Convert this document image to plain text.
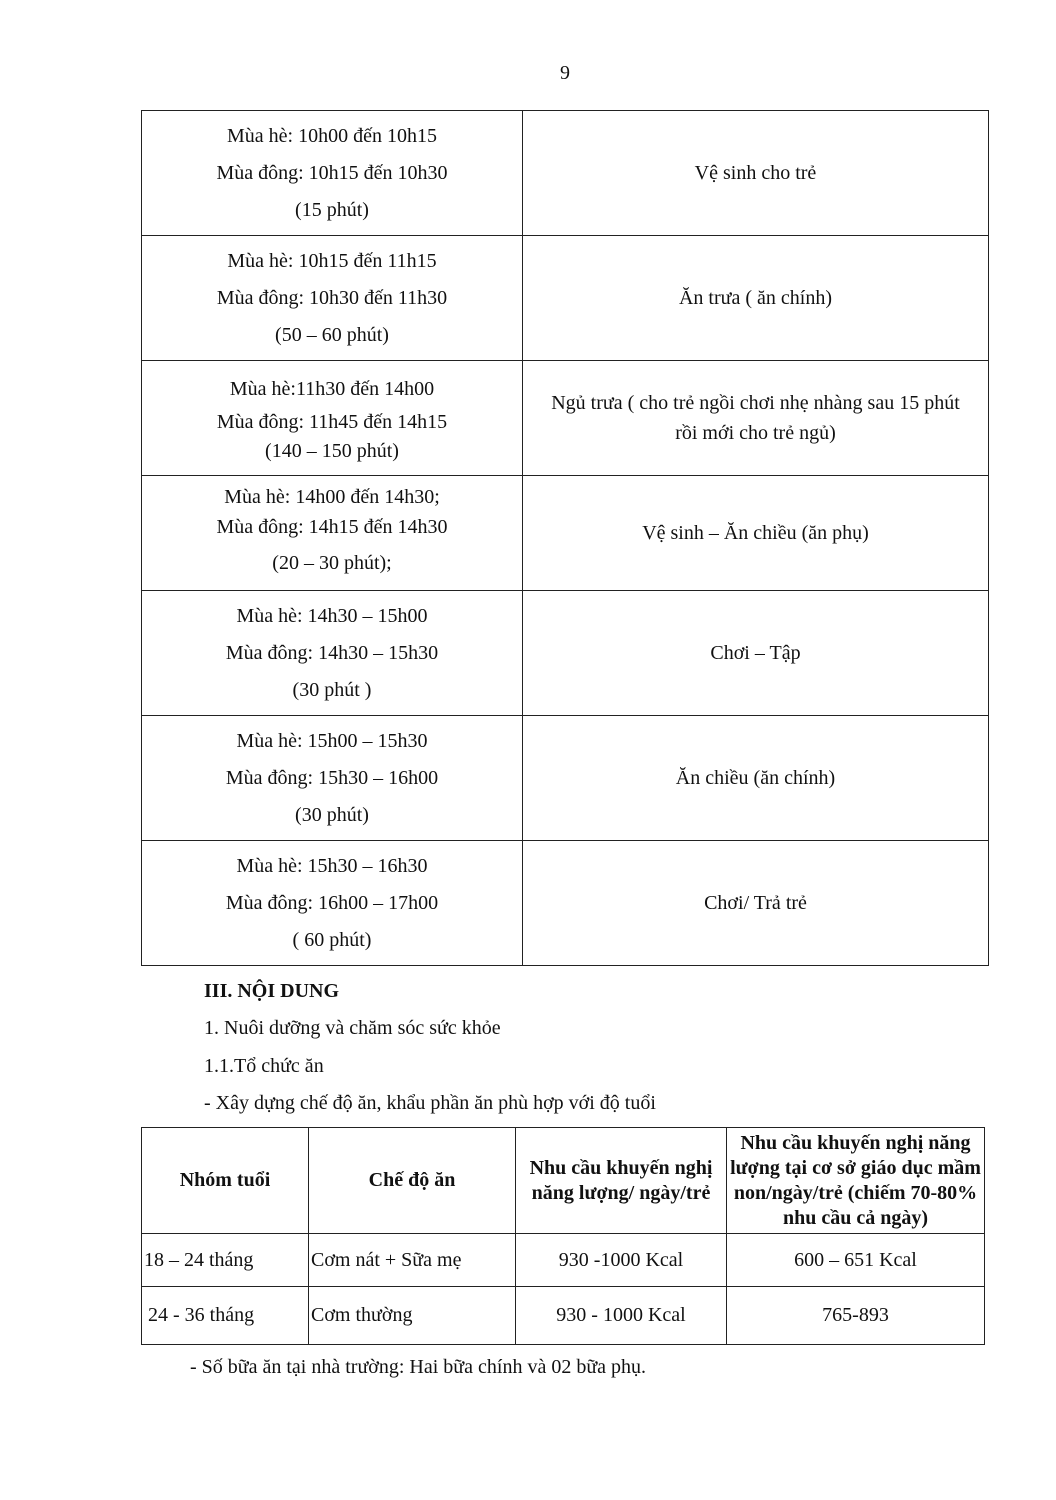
9
Mùa hè: 10h00 đến 10h15
Mùa đông: 10h15 đến 10h30
(15 phút)	Vệ sinh cho trẻ

Mùa hè: 10h15 đến 11h15
Mùa đông: 10h30 đến 11h30
(50 – 60 phút)	Ăn trưa ( ăn chính)

Mùa hè:11h30 đến 14h00
Mùa đông: 11h45 đến 14h15
(140 – 150 phút)	Ngủ trưa ( cho trẻ ngồi chơi nhẹ nhàng sau 15 phút rồi mới cho trẻ ngủ)

Mùa hè: 14h00 đến 14h30;
Mùa đông: 14h15 đến 14h30
(20 – 30 phút);	Vệ sinh – Ăn chiều (ăn phụ)

Mùa hè: 14h30 – 15h00
Mùa đông: 14h30 – 15h30
(30 phút )	Chơi – Tập

Mùa hè: 15h00 – 15h30
Mùa đông: 15h30 – 16h00
(30 phút)	Ăn chiều (ăn chính)

Mùa hè: 15h30 – 16h30
Mùa đông: 16h00 – 17h00
( 60 phút)	Chơi/ Trả trẻ
III. NỘI DUNG
1. Nuôi dưỡng và chăm sóc sức khỏe
1.1.Tổ chức ăn
- Xây dựng chế độ ăn, khẩu phần ăn phù hợp với độ tuổi
Nhóm tuổi	Chế độ ăn	Nhu cầu khuyến nghị năng lượng/ ngày/trẻ	Nhu cầu khuyến nghị năng lượng tại cơ sở giáo dục mầm non/ngày/trẻ (chiếm 70-80% nhu cầu cả ngày)
18 – 24 tháng	Cơm nát + Sữa mẹ	930 -1000 Kcal	600 – 651 Kcal
24 - 36 tháng	Cơm thường	930 - 1000 Kcal	765-893
- Số bữa ăn tại nhà trường: Hai bữa chính và 02 bữa phụ.
